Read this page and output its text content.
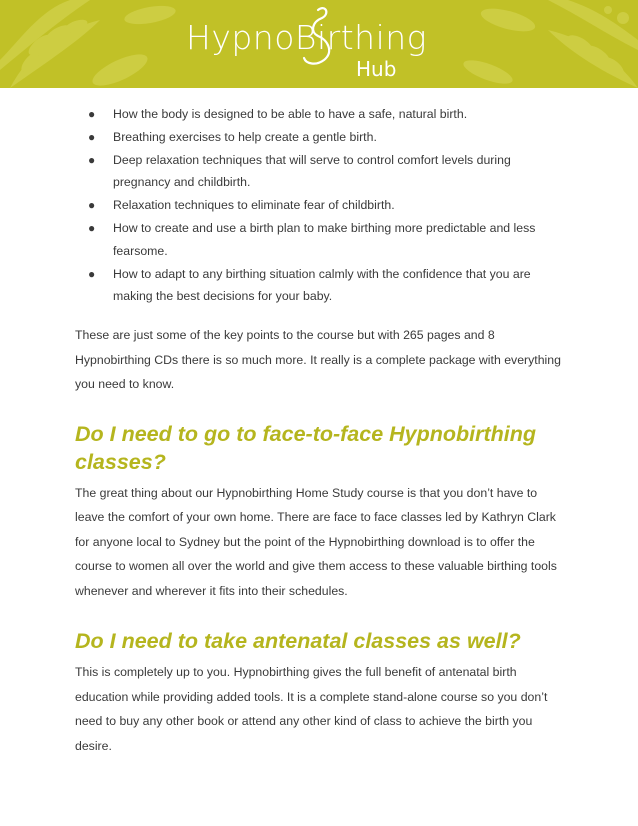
HypnoBirthing
Hub
● How the body is designed to be able to have a safe, natural birth.
● Breathing exercises to help create a gentle birth.
● Deep relaxation techniques that will serve to control comfort levels during pregnancy and childbirth.
● Relaxation techniques to eliminate fear of childbirth.
● How to create and use a birth plan to make birthing more predictable and less fearsome.
● How to adapt to any birthing situation calmly with the confidence that you are making the best decisions for your baby.

These are just some of the key points to the course but with 265 pages and 8 Hypnobirthing CDs there is so much more. It really is a complete package with everything you need to know.

Do I need to go to face-to-face Hypnobirthing classes?

The great thing about our Hypnobirthing Home Study course is that you don’t have to leave the comfort of your own home. There are face to face classes led by Kathryn Clark for anyone local to Sydney but the point of the Hypnobirthing download is to offer the course to women all over the world and give them access to these valuable birthing tools whenever and wherever it fits into their schedules.

Do I need to take antenatal classes as well?

This is completely up to you. Hypnobirthing gives the full benefit of antenatal birth education while providing added tools. It is a complete stand-alone course so you don’t need to buy any other book or attend any other kind of class to achieve the birth you desire.
